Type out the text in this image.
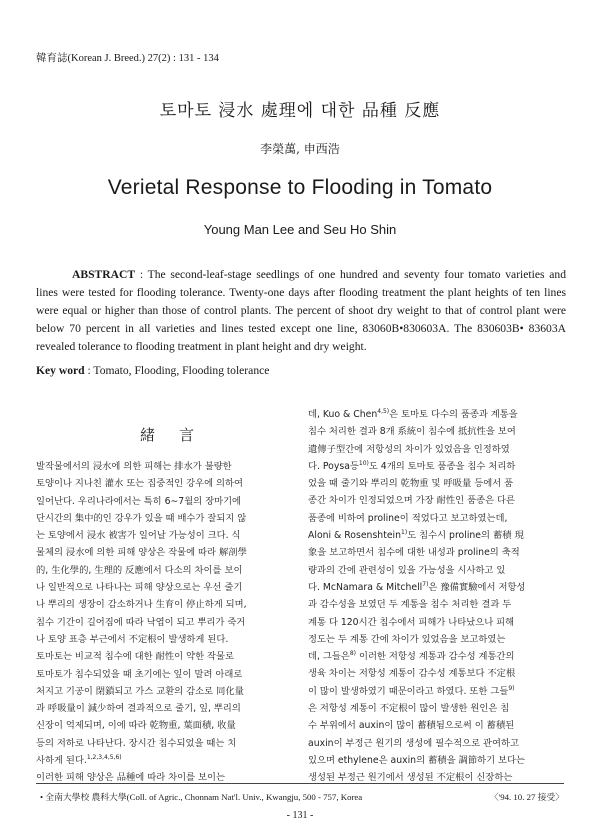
韓育誌(Korean J. Breed.) 27(2) : 131 - 134
토마토 浸水 處理에 대한 品種 反應
李榮萬, 申西浩
Verietal Response to Flooding in Tomato
Young Man Lee and Seu Ho Shin

ABSTRACT : The second-leaf-stage seedlings of one hundred and seventy four tomato varieties and lines were tested for flooding tolerance. Twenty-one days after flooding treatment the plant heights of ten lines were equal or higher than those of control plants. The percent of shoot dry weight to that of control plant were below 70 percent in all varieties and lines tested except one line, 83060B•830603A. The 830603B• 83603A revealed tolerance to flooding treatment in plant height and dry weight.

Key word : Tomato, Flooding, Flooding tolerance
緒言

발작물에서의 浸水에 의한 피해는 排水가 불량한

토양이나 지나친 灌水 또는 집중적인 강우에 의하여

일어난다. 우리나라에서는 특히 6∼7월의 장마기에

단시간의 集中的인 강우가 있을 때 배수가 잘되지 않

는 토양에서 浸水 被害가 일어날 가능성이 크다. 식

물체의 浸水에 의한 피해 양상은 작물에 따라 解剖學

的, 生化學的, 生理的 反應에서 다소의 차이를 보이

나 일반적으로 나타나는 피해 양상으로는 우선 줄기

나 뿌리의 생장이 감소하거나 生育이 停止하게 되며,

침수 기간이 길어짐에 따라 낙엽이 되고 뿌리가 죽거

나 토양 표층 부근에서 不定根이 발생하게 된다.

토마토는 비교적 침수에 대한 耐性이 약한 작물로

토마토가 침수되었을 때 초기에는 잎이 말려 아래로

처지고 기공이 閉鎖되고 가스 교환의 감소로 同化量

과 呼吸量이 減少하여 결과적으로 줄기, 잎, 뿌리의

신장이 억제되며, 이에 따라 乾物重, 葉面積, 收量

등의 저하로 나타난다. 장시간 침수되었을 때는 치

사하게 된다.$^{1,2,3,4,5,6)}$

이러한 피해 양상은 品種에 따라 차이를 보이는

데, Kuo & Chen$^{4,5)}$은 토마토 다수의 품종과 계통을

침수 처리한 결과 8개 系統이 침수에 抵抗性을 보여

遺傳子型간에 저항성의 차이가 있었음을 인정하였

다. Poysa등$^{10)}$도 4개의 토마토 품종을 침수 처리하

었을 때 줄기와 뿌리의 乾物重 및 呼吸量 등에서 품

종간 차이가 인정되었으며 가장 耐性인 품종은 다른

품종에 비하여 proline이 적었다고 보고하였는데,

Aloni & Rosenshtein$^{1)}$도 침수시 proline의 蓄積 現

象을 보고하면서 침수에 대한 내성과 proline의 축적

량과의 간에 관련성이 있을 가능성을 시사하고 있

다. McNamara & Mitchell$^{7)}$은 豫備實驗에서 저항성

과 감수성을 보였던 두 계통을 침수 처리한 결과 두

계통 다 120시간 침수에서 피해가 나타났으나 피해

정도는 두 계통 간에 차이가 있었음을 보고하였는

데, 그들은$^{8)}$ 이러한 저항성 계통과 감수성 계통간의

생육 차이는 저항성 계통이 감수성 계통보다 不定根

이 많이 발생하였기 때문이라고 하였다. 또한 그들$^{9)}$

은 저항성 계통이 不定根이 많이 발생한 원인은 침

수 부위에서 auxin이 많이 蓄積됨으로써 이 蓄積된

auxin이 부정근 원기의 생성에 필수적으로 관여하고

있으며 ethylene은 auxin의 蓄積을 調節하기 보다는

생성된 부정근 원기에서 생성된 不定根이 신장하는

• 全南大學校 農科大學(Coll. of Agric., Chonnam Nat'l. Univ., Kwangju, 500 - 757, Korea	〈'94. 10. 27 接受〉
- 131 -
